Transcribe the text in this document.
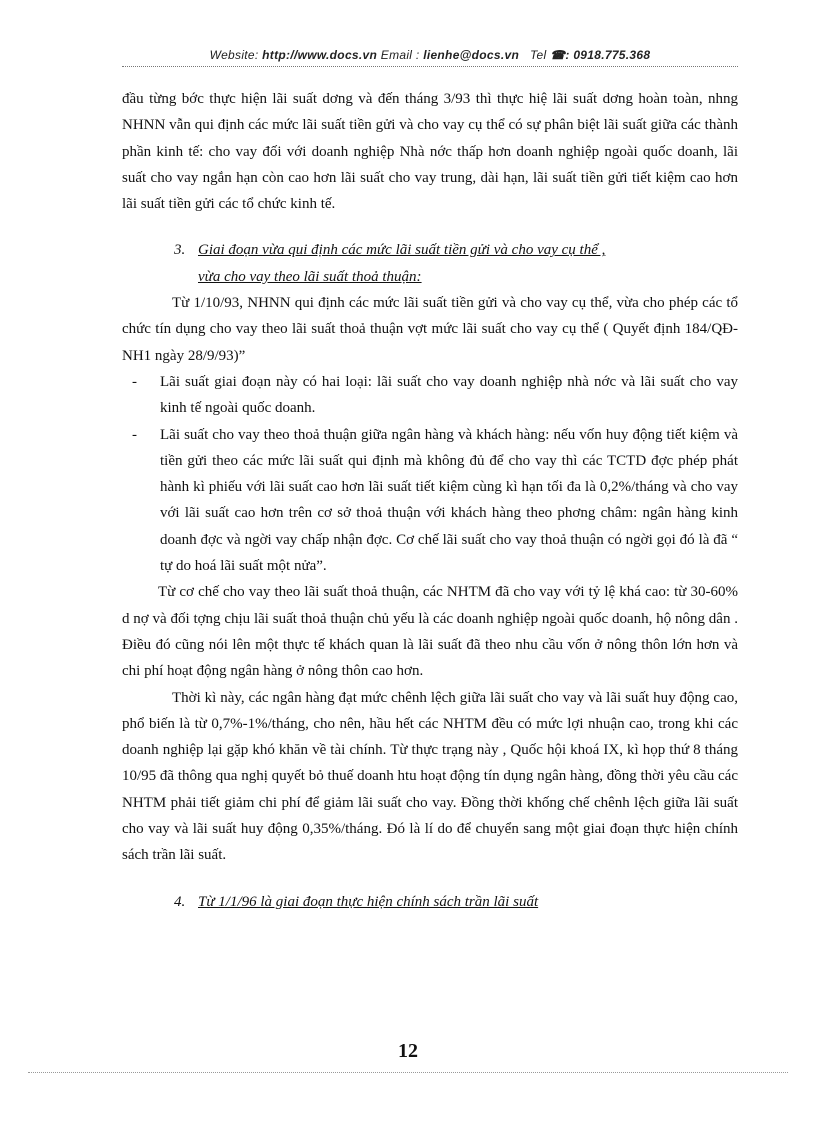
Website: http://www.docs.vn Email : lienhe@docs.vn Tel ☎: 0918.775.368

đầu từng bớc thực hiện lãi suất dơng và đến tháng 3/93 thì thực hiệ lãi suất dơng hoàn toàn, nhng NHNN vẫn qui định các mức lãi suất tiền gửi và cho vay cụ thể có sự phân biệt lãi suất giữa các thành phần kinh tế: cho vay đối với doanh nghiệp Nhà nớc thấp hơn doanh nghiệp ngoài quốc doanh, lãi suất cho vay ngắn hạn còn cao hơn lãi suất cho vay trung, dài hạn, lãi suất tiền gửi tiết kiệm cao hơn lãi suất tiền gửi các tổ chức kinh tế.

3. Giai đoạn vừa qui định các mức lãi suất tiền gửi và cho vay cụ thể ,
vừa cho vay theo lãi suất thoả thuận:

Từ 1/10/93, NHNN qui định các mức lãi suất tiền gửi và cho vay cụ thể, vừa cho phép các tổ chức tín dụng cho vay theo lãi suất thoả thuận vợt mức lãi suất cho vay cụ thể ( Quyết định 184/QĐ-NH1 ngày 28/9/93)”

- Lãi suất giai đoạn này có hai loại: lãi suất cho vay doanh nghiệp nhà nớc và lãi suất cho vay kinh tế ngoài quốc doanh.
- Lãi suất cho vay theo thoả thuận giữa ngân hàng và khách hàng: nếu vốn huy động tiết kiệm và tiền gửi theo các mức lãi suất qui định mà không đủ để cho vay thì các TCTD đợc phép phát hành kì phiếu với lãi suất cao hơn lãi suất tiết kiệm cùng kì hạn tối đa là 0,2%/tháng và cho vay với lãi suất cao hơn trên cơ sở thoả thuận với khách hàng theo phơng châm: ngân hàng kinh doanh đợc và ngời vay chấp nhận đợc. Cơ chế lãi suất cho vay thoả thuận có ngời gọi đó là đã “ tự do hoá lãi suất một nửa”.

Từ cơ chế cho vay theo lãi suất thoả thuận, các NHTM đã cho vay với tỷ lệ khá cao: từ 30-60% d nợ và đối tợng chịu lãi suất thoả thuận chủ yếu là các doanh nghiệp ngoài quốc doanh, hộ nông dân . Điều đó cũng nói lên một thực tế khách quan là lãi suất đã theo nhu cầu vốn ở nông thôn lớn hơn và chi phí hoạt động ngân hàng ở nông thôn cao hơn.

Thời kì này, các ngân hàng đạt mức chênh lệch giữa lãi suất cho vay và lãi suất huy động cao, phổ biến là từ 0,7%-1%/tháng, cho nên, hầu hết các NHTM đều có mức lợi nhuận cao, trong khi các doanh nghiệp lại gặp khó khăn về tài chính. Từ thực trạng này , Quốc hội khoá IX, kì họp thứ 8 tháng 10/95 đã thông qua nghị quyết bỏ thuế doanh htu hoạt động tín dụng ngân hàng, đồng thời yêu cầu các NHTM phải tiết giảm chi phí để giảm lãi suất cho vay. Đồng thời khống chế chênh lệch giữa lãi suất cho vay và lãi suất huy động 0,35%/tháng. Đó là lí do để chuyển sang một giai đoạn thực hiện chính sách trần lãi suất.

4. Từ 1/1/96 là giai đoạn thực hiện chính sách trần lãi suất
12
